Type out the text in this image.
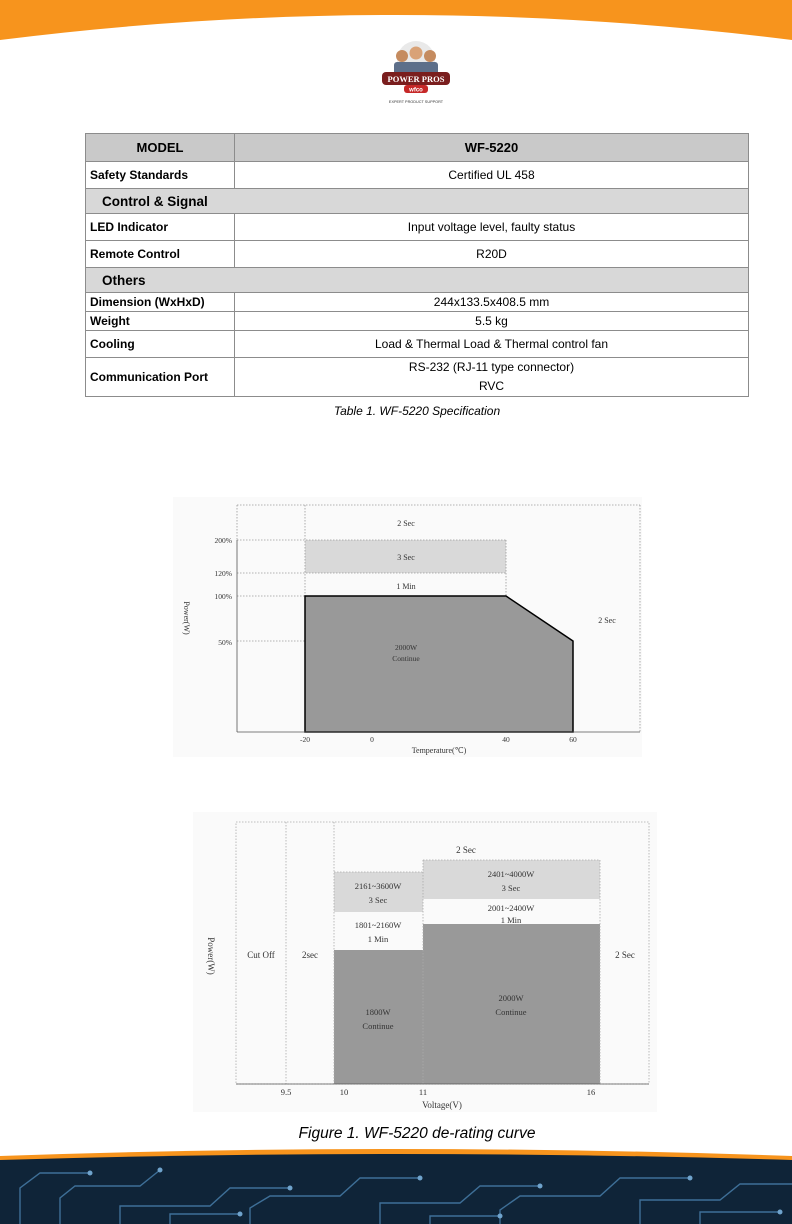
POWER PROS
wfco
EXPERT PRODUCT SUPPORT
MODEL	WF-5220
Safety Standards	Certified UL 458
Control & Signal	
LED Indicator	Input voltage level, faulty status
Remote Control	R20D
Others	
Dimension (WxHxD)	244x133.5x408.5 mm
Weight	5.5 kg
Cooling	Load & Thermal Load & Thermal control fan
Communication Port	RS-232 (RJ-11 type connector)
RVC
Table 1. WF-5220 Specification
2 Sec
3 Sec
1 Min
2000W
Continue
2 Sec
200%
120%
100%
50%
-20	0	40	60
Temperature(℃)
Power(W)
Cut Off	2sec
2 Sec
2 Sec
2161~3600W
3 Sec
1801~2160W
1 Min
1800W
Continue
2401~4000W
3 Sec
2001~2400W
1 Min
2000W
Continue
9.5	10	11	16
Voltage(V)
Power(W)
Figure 1. WF-5220 de-rating curve
